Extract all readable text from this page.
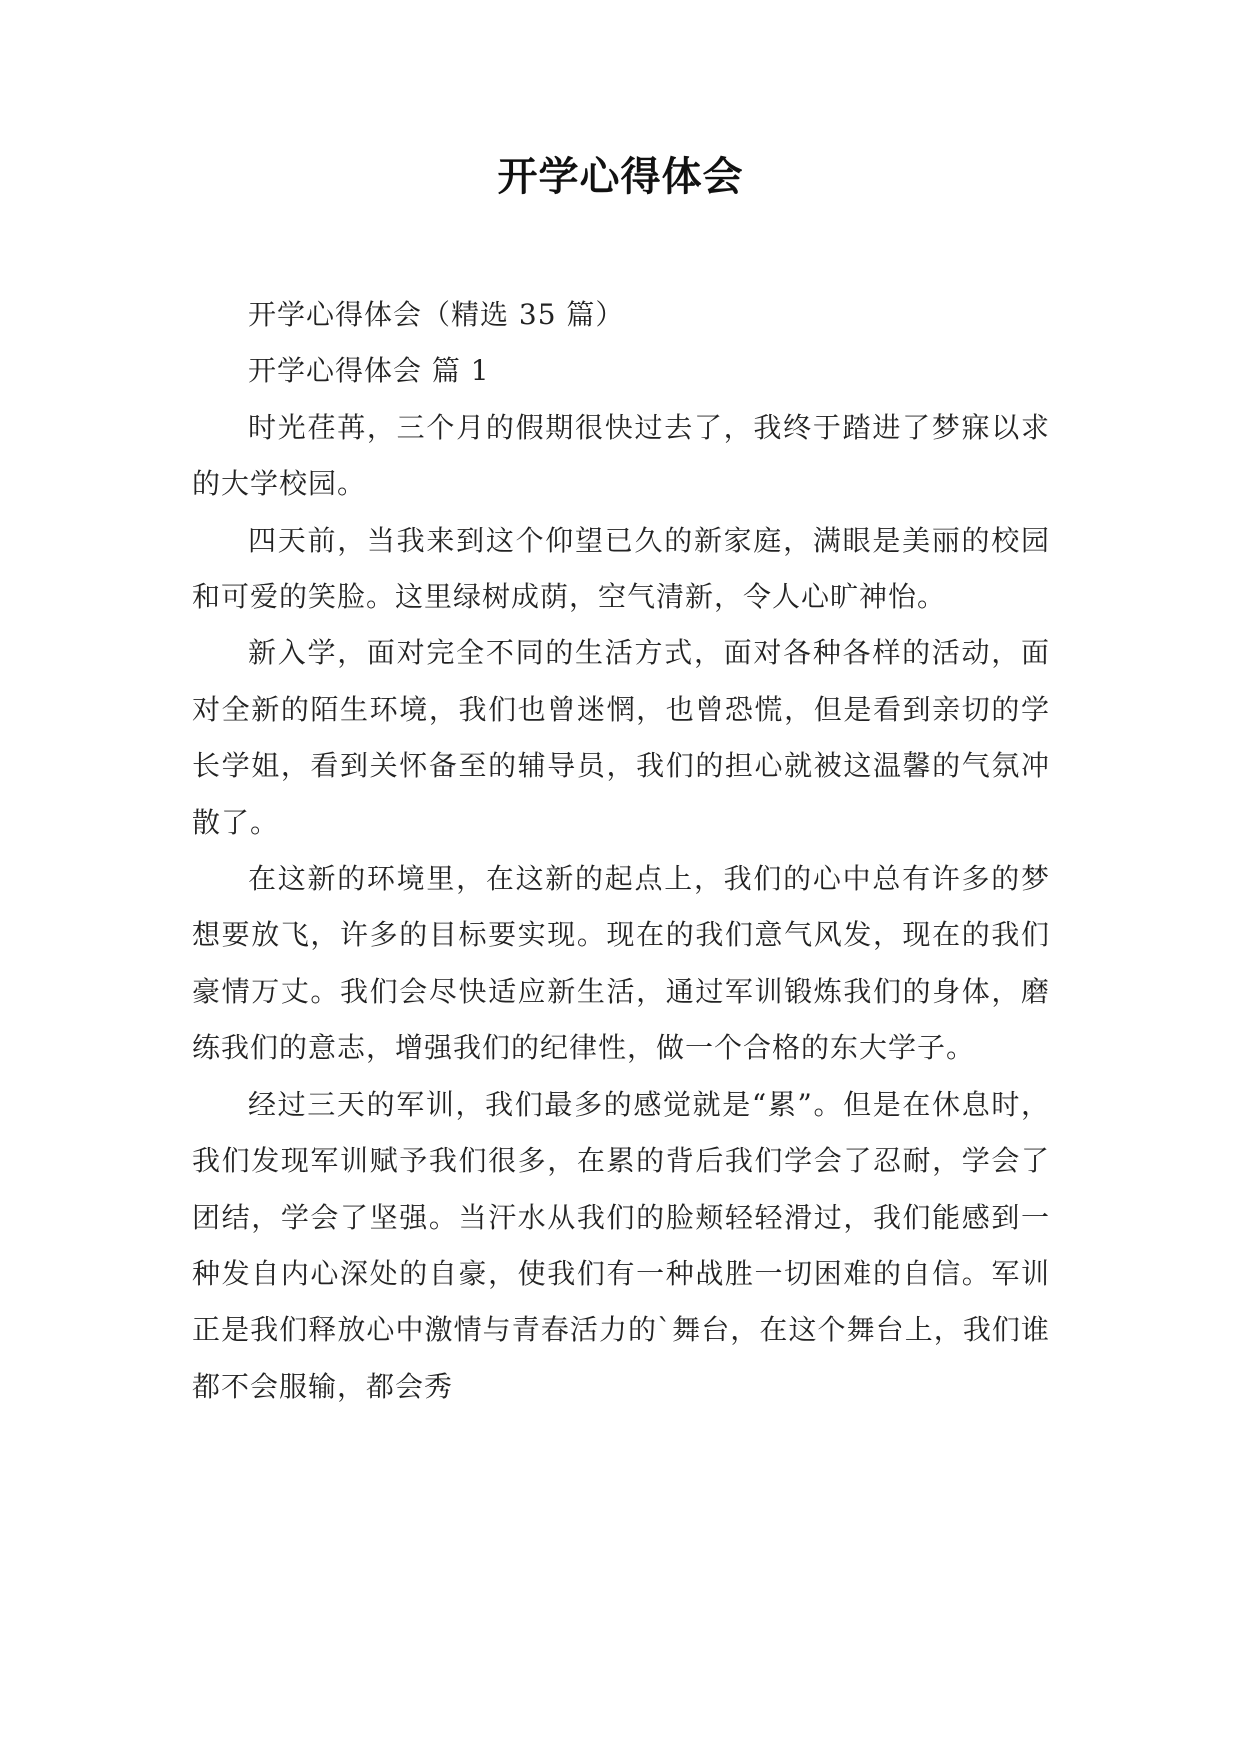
开学心得体会

开学心得体会（精选 35 篇）

开学心得体会 篇 1

时光荏苒，三个月的假期很快过去了，我终于踏进了梦寐以求的大学校园。

四天前，当我来到这个仰望已久的新家庭，满眼是美丽的校园和可爱的笑脸。这里绿树成荫，空气清新，令人心旷神怡。

新入学，面对完全不同的生活方式，面对各种各样的活动，面对全新的陌生环境，我们也曾迷惘，也曾恐慌，但是看到亲切的学长学姐，看到关怀备至的辅导员，我们的担心就被这温馨的气氛冲散了。

在这新的环境里，在这新的起点上，我们的心中总有许多的梦想要放飞，许多的目标要实现。现在的我们意气风发，现在的我们豪情万丈。我们会尽快适应新生活，通过军训锻炼我们的身体，磨练我们的意志，增强我们的纪律性，做一个合格的东大学子。

经过三天的军训，我们最多的感觉就是“累”。但是在休息时，我们发现军训赋予我们很多，在累的背后我们学会了忍耐，学会了团结，学会了坚强。当汗水从我们的脸颊轻轻滑过，我们能感到一种发自内心深处的自豪，使我们有一种战胜一切困难的自信。军训正是我们释放心中激情与青春活力的`舞台，在这个舞台上，我们谁都不会服输，都会秀
